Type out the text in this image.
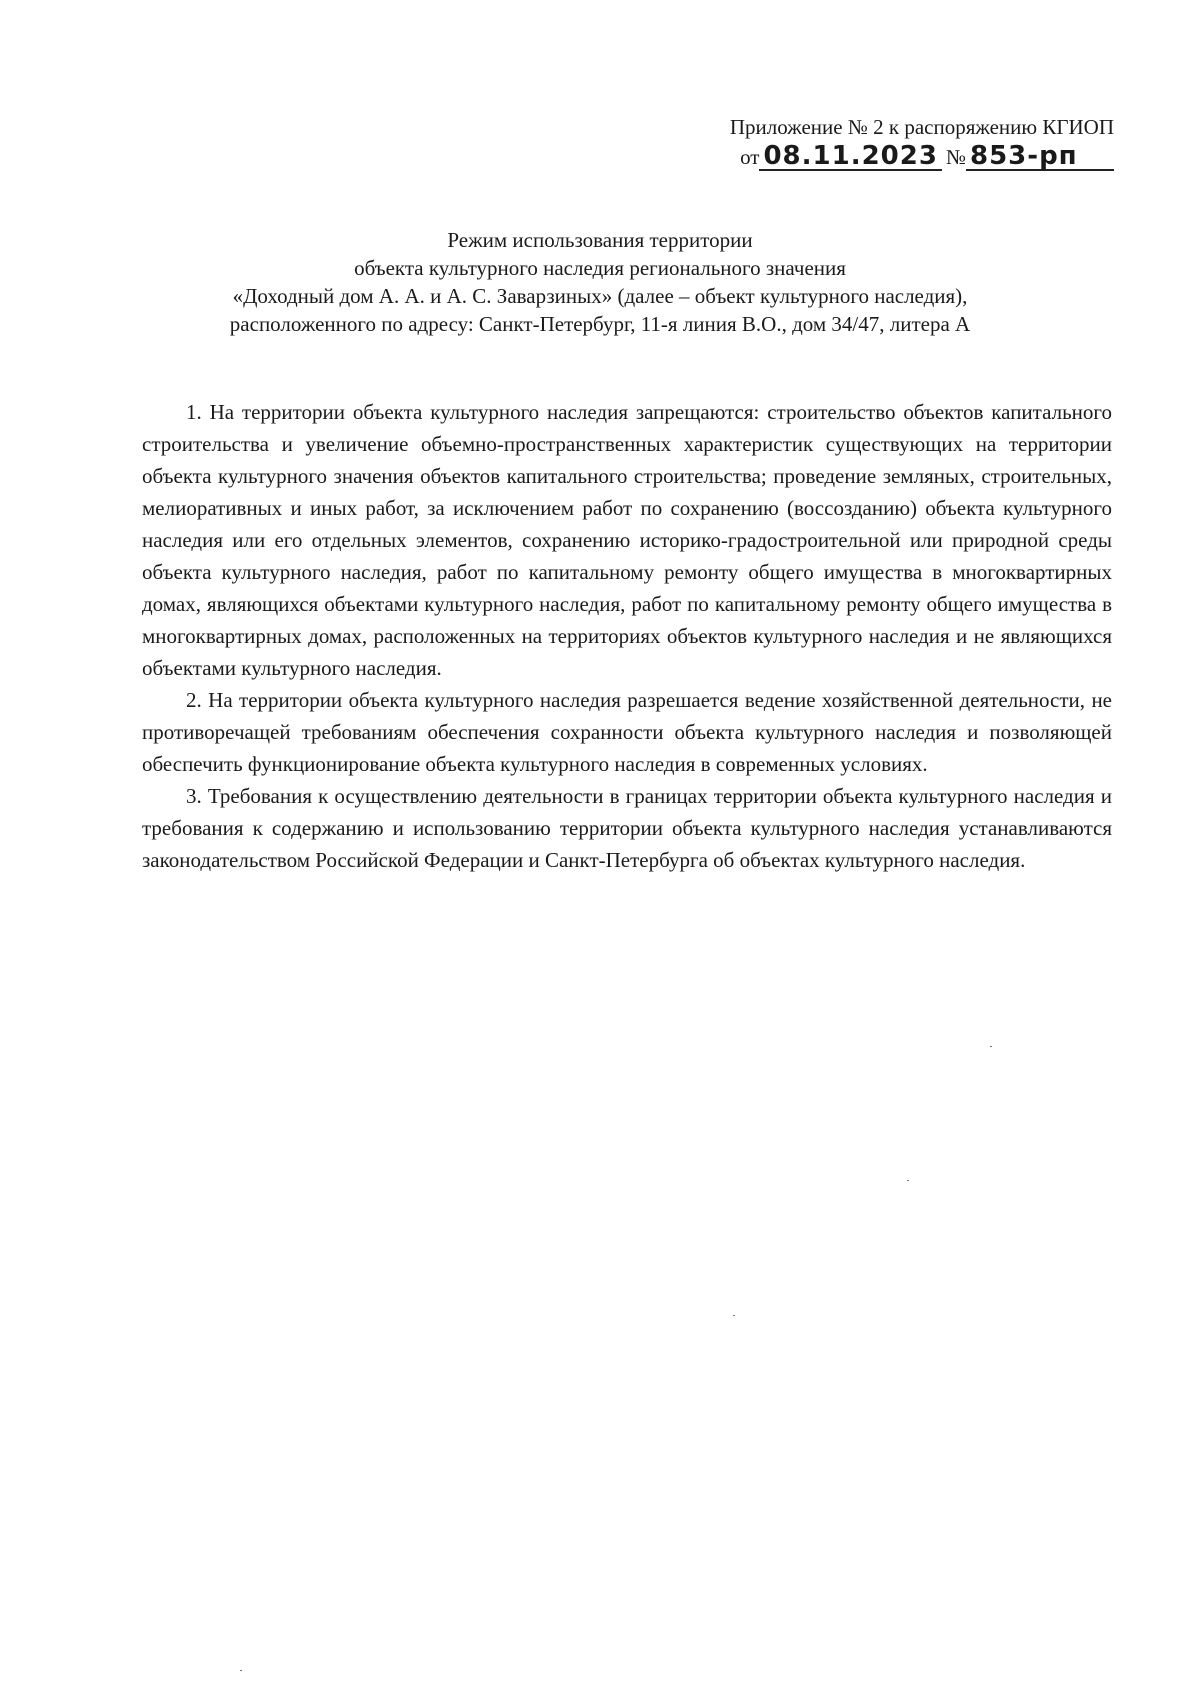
Приложение № 2 к распоряжению КГИОП
от 08.11.2023 № 853-рп
Режим использования территории
объекта культурного наследия регионального значения
«Доходный дом А. А. и А. С. Заварзиных» (далее – объект культурного наследия),
расположенного по адресу: Санкт-Петербург, 11-я линия В.О., дом 34/47, литера А

1. На территории объекта культурного наследия запрещаются: строительство объектов капитального строительства и увеличение объемно-пространственных характеристик существующих на территории объекта культурного значения объектов капитального строительства; проведение земляных, строительных, мелиоративных и иных работ, за исключением работ по сохранению (воссозданию) объекта культурного наследия или его отдельных элементов, сохранению историко-градостроительной или природной среды объекта культурного наследия, работ по капитальному ремонту общего имущества в многоквартирных домах, являющихся объектами культурного наследия, работ по капитальному ремонту общего имущества в многоквартирных домах, расположенных на территориях объектов культурного наследия и не являющихся объектами культурного наследия.

2. На территории объекта культурного наследия разрешается ведение хозяйственной деятельности, не противоречащей требованиям обеспечения сохранности объекта культурного наследия и позволяющей обеспечить функционирование объекта культурного наследия в современных условиях.

3. Требования к осуществлению деятельности в границах территории объекта культурного наследия и требования к содержанию и использованию территории объекта культурного наследия устанавливаются законодательством Российской Федерации и Санкт-Петербурга об объектах культурного наследия.
